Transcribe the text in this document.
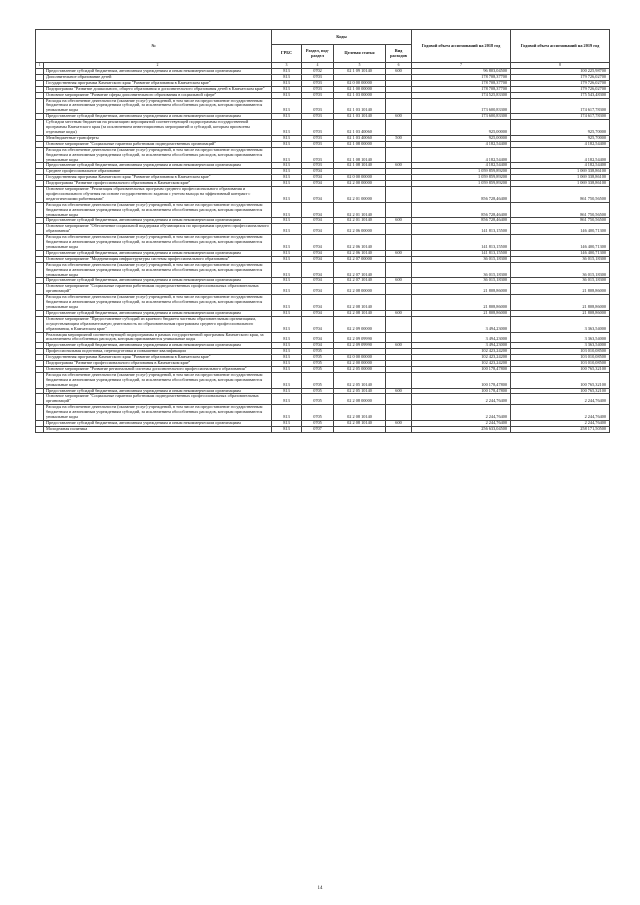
№		Коды				Годовой объем ассигнований на 2018 год	Годовой объем ассигнований на 2019 год
		ГРБС	Раздел, под-раздел	Целевая статья	Вид расходов		
1	2	3	4	5	6	7	8
	Предоставление субсидий бюджетным, автономным учреждениям и иным некоммерческим организациям	813	0702	02 1 09 10140	600	96 803,04500	100 225,98700
	Дополнительное образование детей	813	0703			178 708,37700	179 726,02700
	Государственная программа Камчатского края "Развитие образования в Камчатском крае"	813	0703	02 0 00 00000		178 708,37700	179 726,02700
	Подпрограмма "Развитие дошкольного, общего образования и дополнительного образования детей в Камчатском крае"	813	0703	02 1 00 00000		178 708,37700	179 726,02700
	Основное мероприятие "Развитие сферы дополнительного образования в социальной сфере"	813	0703	02 1 03 00000		174 525,83300	175 543,48300
	Расходы на обеспечение деятельности (оказание услуг) учреждений, в том числе на предоставление государственным бюджетным и автономным учреждениям субсидий, за исключением обособленных расходов, которым присваиваются уникальные коды	813	0703	02 1 03 10140		173 600,83300	174 617,78300
	Предоставление субсидий бюджетным, автономным учреждениям и иным некоммерческим организациям	813	0703	02 1 03 10140	600	173 600,83300	174 617,78300
	Субсидии местным бюджетам на реализацию мероприятий соответствующей подпрограммы государственной программы Камчатского края (за исключением инвестиционных мероприятий и субсидий, которым присвоены отдельные коды)	813	0703	02 1 03 40060		925,00000	925,70000
	Межбюджетные трансферты	813	0703	02 1 03 40060	500	925,00000	925,70000
	Основное мероприятие "Социальные гарантии работникам подведомственных организаций"	813	0703	02 1 08 00000		4 182,54400	4 182,54400
	Расходы на обеспечение деятельности (оказание услуг) учреждений, в том числе на предоставление государственным бюджетным и автономным учреждениям субсидий, за исключением обособленных расходов, которым присваиваются уникальные коды	813	0703	02 1 08 10140		4 182,54400	4 182,54400
	Предоставление субсидий бюджетным, автономным учреждениям и иным некоммерческим организациям	813	0703	02 1 08 10140	600	4 182,54400	4 182,54400
	Среднее профессиональное образование	813	0704			1 059 859,89200	1 069 338,86100
	Государственная программа Камчатского края "Развитие образования в Камчатском крае"	813	0704	02 0 00 00000		1 059 859,89200	1 069 338,86100
	Подпрограмма "Развитие профессионального образования в Камчатском крае"	813	0704	02 2 00 00000		1 059 859,89200	1 069 338,86100
	Основное мероприятие "Реализация образовательных программ среднего профессионального образования и профессионального обучения на основе государственного задания с учетом выхода на эффективный контракт с педагогическими работниками"	813	0704	02 2 01 00000		856 728,46400	861 750,56500
	Расходы на обеспечение деятельности (оказание услуг) учреждений, в том числе на предоставление государственным бюджетным и автономным учреждениям субсидий, за исключением обособленных расходов, которым присваиваются уникальные коды	813	0704	02 2 01 10140		856 728,46400	861 750,56500
	Предоставление субсидий бюджетным, автономным учреждениям и иным некоммерческим организациям	813	0704	02 2 01 10140	600	856 728,46400	861 750,56500
	Основное мероприятие "Обеспечение социальной поддержки обучающихся по программам среднего профессионального образования"	813	0704	02 2 06 00000		141 813,15500	146 400,71300
	Расходы на обеспечение деятельности (оказание услуг) учреждений, в том числе на предоставление государственным бюджетным и автономным учреждениям субсидий, за исключением обособленных расходов, которым присваиваются уникальные коды	813	0704	02 2 06 10140		141 813,15500	146 400,71300
	Предоставление субсидий бюджетным, автономным учреждениям и иным некоммерческим организациям	813	0704	02 2 06 10140	600	141 813,15500	146 400,71300
	Основное мероприятие "Модернизация инфраструктуры системы профессионального образования"	813	0704	02 2 07 00000		36 015,18300	36 015,18300
	Расходы на обеспечение деятельности (оказание услуг) учреждений, в том числе на предоставление государственным бюджетным и автономным учреждениям субсидий, за исключением обособленных расходов, которым присваиваются уникальные коды	813	0704	02 2 07 10140		36 015,18300	36 015,18300
	Предоставление субсидий бюджетным, автономным учреждениям и иным некоммерческим организациям	813	0704	02 2 07 10140	600	36 015,18300	36 015,18300
	Основное мероприятие "Социальные гарантии работникам подведомственных профессиональных образовательных организаций"	813	0704	02 2 08 00000		21 808,86000	21 808,86000
	Расходы на обеспечение деятельности (оказание услуг) учреждений, в том числе на предоставление государственным бюджетным и автономным учреждениям субсидий, за исключением обособленных расходов, которым присваиваются уникальные коды	813	0704	02 2 08 10140		21 808,86000	21 808,86000
	Предоставление субсидий бюджетным, автономным учреждениям и иным некоммерческим организациям	813	0704	02 2 08 10140	600	21 808,86000	21 808,86000
	Основное мероприятие "Предоставление субсидий из краевого бюджета частным образовательным организациям, осуществляющим образовательную деятельность по образовательным программам среднего профессионального образования, в Камчатском крае"	813	0704	02 2 09 00000		3 494,23000	3 363,54000
	Реализация мероприятий соответствующей подпрограммы в рамках государственной программы Камчатского края, за исключением обособленных расходов, которым присваиваются уникальные коды	813	0704	02 2 09 09990		3 494,23000	3 363,54000
	Предоставление субсидий бюджетным, автономным учреждениям и иным некоммерческим организациям	813	0704	02 2 09 09990	600	3 494,23000	3 363,54000
	Профессиональная подготовка, переподготовка и повышение квалификации	813	0705			102 423,24200	103 010,08500
	Государственная программа Камчатского края "Развитие образования в Камчатском крае"	813	0705	02 0 00 00000		102 423,24200	103 010,08500
	Подпрограмма "Развитие профессионального образования в Камчатском крае"	813	0705	02 2 00 00000		102 423,24200	103 010,08500
	Основное мероприятие "Развитие региональной системы дополнительного профессионального образования"	813	0705	02 2 05 00000		100 178,47800	100 765,32100
	Расходы на обеспечение деятельности (оказание услуг) учреждений, в том числе на предоставление государственным бюджетным и автономным учреждениям субсидий, за исключением обособленных расходов, которым присваиваются уникальные коды	813	0705	02 2 05 10140		100 178,47800	100 765,32100
	Предоставление субсидий бюджетным, автономным учреждениям и иным некоммерческим организациям	813	0705	02 2 05 10140	600	100 178,47800	100 765,32100
	Основное мероприятие "Социальные гарантии работникам подведомственных профессиональных образовательных организаций"	813	0705	02 2 08 00000		2 244,76400	2 244,76400
	Расходы на обеспечение деятельности (оказание услуг) учреждений, в том числе на предоставление государственным бюджетным и автономным учреждениям субсидий, за исключением обособленных расходов, которым присваиваются уникальные коды	813	0705	02 2 08 10140		2 244,76400	2 244,76400
	Предоставление субсидий бюджетным, автономным учреждениям и иным некоммерческим организациям	813	0705	02 2 08 10140	600	2 244,76400	2 244,76400
	Молодежная политика	813	0707			256 633,04500	258 171,50500
14
